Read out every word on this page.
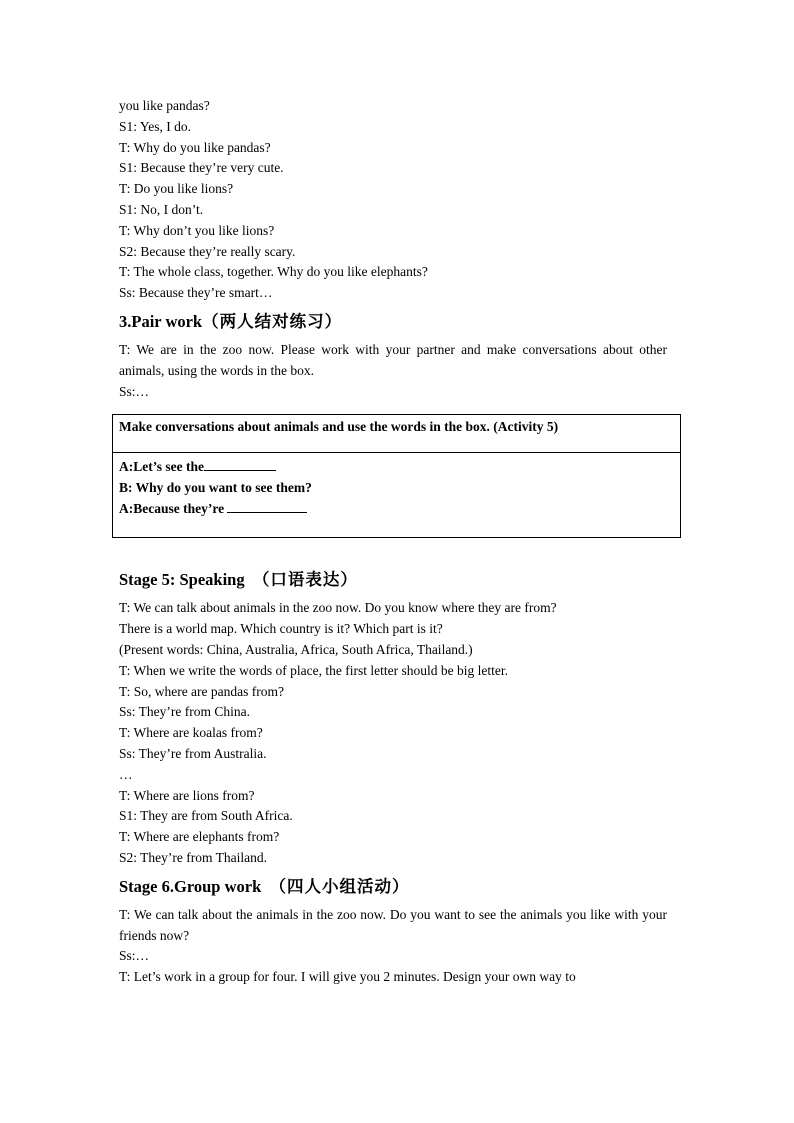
you like pandas?
S1: Yes, I do.
T: Why do you like pandas?
S1: Because they’re very cute.
T: Do you like lions?
S1: No, I don’t.
T: Why don’t you like lions?
S2: Because they’re really scary.
T: The whole class, together. Why do you like elephants?
Ss: Because they’re smart…
3.Pair work（两人结对练习）
T: We are in the zoo now. Please work with your partner and make conversations about other animals, using the words in the box.
Ss:…
Make conversations about animals and use the words in the box. (Activity 5)
A:Let’s see the
B: Why do you want to see them?
A:Because they’re
Stage 5: Speaking （口语表达）
T: We can talk about animals in the zoo now. Do you know where they are from?
There is a world map. Which country is it? Which part is it?
(Present words: China, Australia, Africa, South Africa, Thailand.)
T: When we write the words of place, the first letter should be big letter.
T: So, where are pandas from?
Ss: They’re from China.
T: Where are koalas from?
Ss: They’re from Australia.
…
T: Where are lions from?
S1: They are from South Africa.
T: Where are elephants from?
S2: They’re from Thailand.
Stage 6.Group work （四人小组活动）
T: We can talk about the animals in the zoo now. Do you want to see the animals you like with your friends now?
Ss:…
T: Let’s work in a group for four. I will give you 2 minutes. Design your own way to
